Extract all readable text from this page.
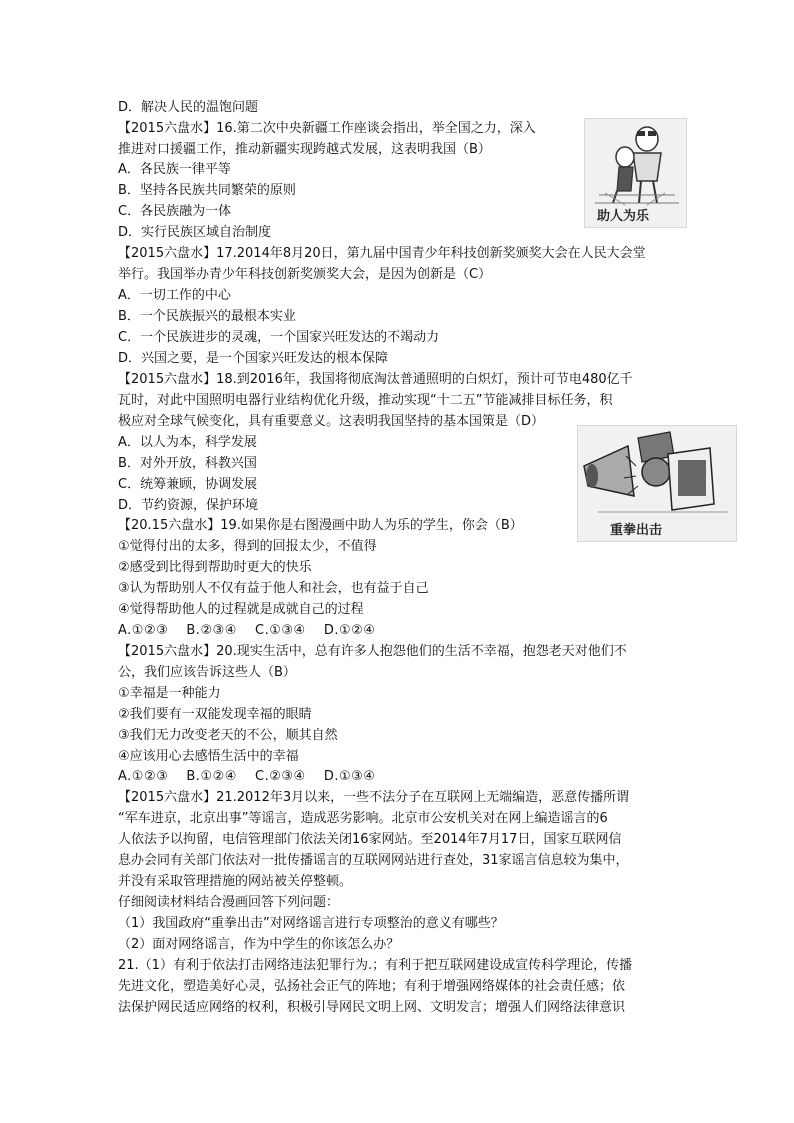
D．解决人民的温饱问题
【2015六盘水】16.第二次中央新疆工作座谈会指出，举全国之力，深入
推进对口援疆工作，推动新疆实现跨越式发展，这表明我国（B）
A．各民族一律平等
B．坚持各民族共同繁荣的原则
C．各民族融为一体
D．实行民族区域自治制度
【2015六盘水】17.2014年8月20日，第九届中国青少年科技创新奖颁奖大会在人民大会堂
举行。我国举办青少年科技创新奖颁奖大会，是因为创新是（C）
A．一切工作的中心
B．一个民族振兴的最根本实业
C．一个民族进步的灵魂，一个国家兴旺发达的不竭动力
D．兴国之要，是一个国家兴旺发达的根本保障
【2015六盘水】18.到2016年，我国将彻底淘汰普通照明的白炽灯，预计可节电480亿千
瓦时，对此中国照明电器行业结构优化升级，推动实现“十二五”节能减排目标任务，积
极应对全球气候变化，具有重要意义。这表明我国坚持的基本国策是（D）
A．以人为本，科学发展
B．对外开放，科教兴国
C．统筹兼顾，协调发展
D．节约资源，保护环境
【20.15六盘水】19.如果你是右图漫画中助人为乐的学生，你会（B）
①觉得付出的太多，得到的回报太少，不值得
②感受到比得到帮助时更大的快乐
③认为帮助别人不仅有益于他人和社会，也有益于自己
④觉得帮助他人的过程就是成就自己的过程
A.①②③　 B.②③④　 C.①③④　 D.①②④
【2015六盘水】20.现实生活中，总有许多人抱怨他们的生活不幸福，抱怨老天对他们不
公，我们应该告诉这些人（B）
①幸福是一种能力
②我们要有一双能发现幸福的眼睛
③我们无力改变老天的不公，顺其自然
④应该用心去感悟生活中的幸福
A.①②③　 B.①②④　 C.②③④　 D.①③④
【2015六盘水】21.2012年3月以来，一些不法分子在互联网上无端编造，恶意传播所谓
“军车进京，北京出事”等谣言，造成恶劣影响。北京市公安机关对在网上编造谣言的6
人依法予以拘留，电信管理部门依法关闭16家网站。至2014年7月17日，国家互联网信
息办会同有关部门依法对一批传播谣言的互联网网站进行查处，31家谣言信息较为集中，
并没有采取管理措施的网站被关停整顿。
仔细阅读材料结合漫画回答下列问题：
（1）我国政府“重拳出击”对网络谣言进行专项整治的意义有哪些？
（2）面对网络谣言，作为中学生的你该怎么办？
21.（1）有利于依法打击网络违法犯罪行为.；有利于把互联网建设成宣传科学理论，传播
先进文化，塑造美好心灵，弘扬社会正气的阵地；有利于增强网络媒体的社会责任感；依
法保护网民适应网络的权利，积极引导网民文明上网、文明发言；增强人们网络法律意识
助人为乐
重拳出击
